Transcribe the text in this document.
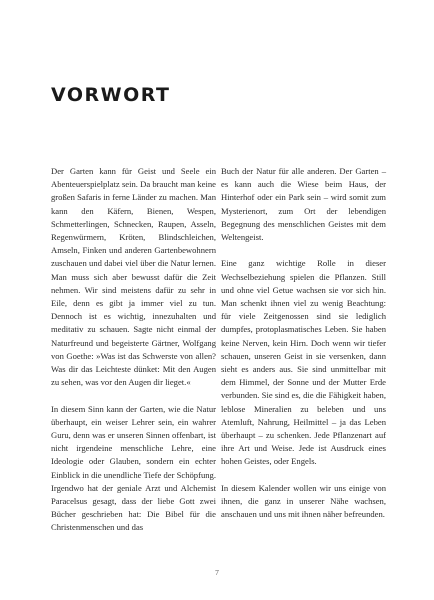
VORWORT

Der Garten kann für Geist und Seele ein Abenteuerspielplatz sein. Da braucht man keine großen Safaris in ferne Länder zu machen. Man kann den Käfern, Bienen, Wespen, Schmetterlingen, Schnecken, Raupen, Asseln, Regenwürmern, Kröten, Blindschleichen, Amseln, Finken und anderen Gartenbewohnern zuschauen und dabei viel über die Natur lernen. Man muss sich aber bewusst dafür die Zeit nehmen. Wir sind meistens dafür zu sehr in Eile, denn es gibt ja immer viel zu tun. Dennoch ist es wichtig, innezuhalten und meditativ zu schauen. Sagte nicht einmal der Naturfreund und begeisterte Gärtner, Wolfgang von Goethe: »Was ist das Schwerste von allen? Was dir das Leichteste dünket: Mit den Augen zu sehen, was vor den Augen dir lieget.«

In diesem Sinn kann der Garten, wie die Natur überhaupt, ein weiser Lehrer sein, ein wahrer Guru, denn was er unseren Sinnen offenbart, ist nicht irgendeine menschliche Lehre, eine Ideologie oder Glauben, sondern ein echter Einblick in die unendliche Tiefe der Schöpfung. Irgendwo hat der geniale Arzt und Alchemist Paracelsus gesagt, dass der liebe Gott zwei Bücher geschrieben hat: Die Bibel für die Christenmenschen und das

Buch der Natur für alle anderen. Der Garten – es kann auch die Wiese beim Haus, der Hinterhof oder ein Park sein – wird somit zum Mysterienort, zum Ort der lebendigen Begegnung des menschlichen Geistes mit dem Weltengeist.

Eine ganz wichtige Rolle in dieser Wechselbeziehung spielen die Pflanzen. Still und ohne viel Getue wachsen sie vor sich hin. Man schenkt ihnen viel zu wenig Beachtung: für viele Zeitgenossen sind sie lediglich dumpfes, protoplasmatisches Leben. Sie haben keine Nerven, kein Hirn. Doch wenn wir tiefer schauen, unseren Geist in sie versenken, dann sieht es anders aus. Sie sind unmittelbar mit dem Himmel, der Sonne und der Mutter Erde verbunden. Sie sind es, die die Fähigkeit haben, leblose Mineralien zu beleben und uns Atemluft, Nahrung, Heilmittel – ja das Leben überhaupt – zu schenken. Jede Pflanzenart auf ihre Art und Weise. Jede ist Ausdruck eines hohen Geistes, oder Engels.

In diesem Kalender wollen wir uns einige von ihnen, die ganz in unserer Nähe wachsen, anschauen und uns mit ihnen näher befreunden.

7
